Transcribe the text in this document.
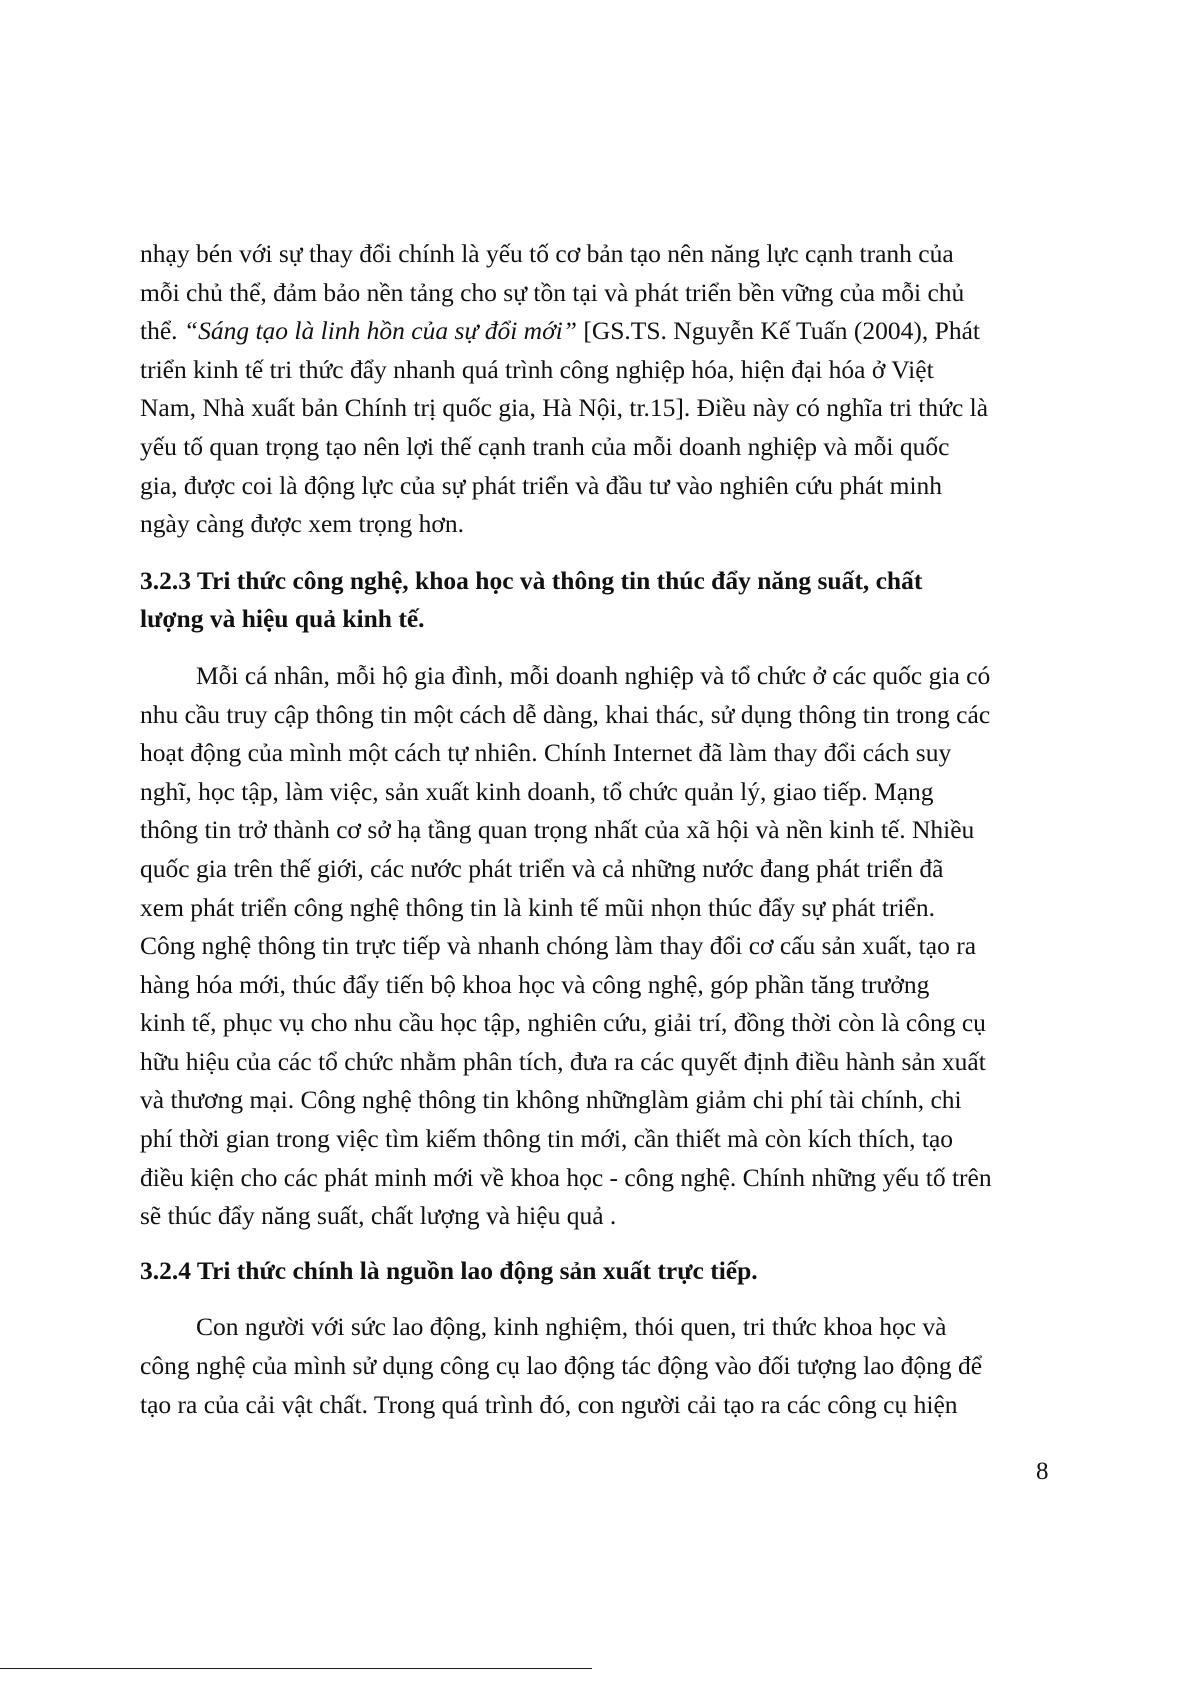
nhạy bén với sự thay đổi chính là yếu tố cơ bản tạo nên năng lực cạnh tranh của
mỗi chủ thể, đảm bảo nền tảng cho sự tồn tại và phát triển bền vững của mỗi chủ
thể. “Sáng tạo là linh hồn của sự đổi mới” [GS.TS. Nguyễn Kế Tuấn (2004), Phát
triển kinh tế tri thức đẩy nhanh quá trình công nghiệp hóa, hiện đại hóa ở Việt
Nam, Nhà xuất bản Chính trị quốc gia, Hà Nội, tr.15]. Điều này có nghĩa tri thức là
yếu tố quan trọng tạo nên lợi thế cạnh tranh của mỗi doanh nghiệp và mỗi quốc
gia, được coi là động lực của sự phát triển và đầu tư vào nghiên cứu phát minh
ngày càng được xem trọng hơn.

3.2.3 Tri thức công nghệ, khoa học và thông tin thúc đẩy năng suất, chất
lượng và hiệu quả kinh tế.

Mỗi cá nhân, mỗi hộ gia đình, mỗi doanh nghiệp và tổ chức ở các quốc gia có
nhu cầu truy cập thông tin một cách dễ dàng, khai thác, sử dụng thông tin trong các
hoạt động của mình một cách tự nhiên. Chính Internet đã làm thay đổi cách suy
nghĩ, học tập, làm việc, sản xuất kinh doanh, tổ chức quản lý, giao tiếp. Mạng
thông tin trở thành cơ sở hạ tầng quan trọng nhất của xã hội và nền kinh tế. Nhiều
quốc gia trên thế giới, các nước phát triển và cả những nước đang phát triển đã
xem phát triển công nghệ thông tin là kinh tế mũi nhọn thúc đẩy sự phát triển.
Công nghệ thông tin trực tiếp và nhanh chóng làm thay đổi cơ cấu sản xuất, tạo ra
hàng hóa mới, thúc đẩy tiến bộ khoa học và công nghệ, góp phần tăng trưởng
kinh tế, phục vụ cho nhu cầu học tập, nghiên cứu, giải trí, đồng thời còn là công cụ
hữu hiệu của các tổ chức nhằm phân tích, đưa ra các quyết định điều hành sản xuất
và thương mại. Công nghệ thông tin không nhữnglàm giảm chi phí tài chính, chi
phí thời gian trong việc tìm kiếm thông tin mới, cần thiết mà còn kích thích, tạo
điều kiện cho các phát minh mới về khoa học - công nghệ. Chính những yếu tố trên
sẽ thúc đẩy năng suất, chất lượng và hiệu quả .

3.2.4 Tri thức chính là nguồn lao động sản xuất trực tiếp.

Con người với sức lao động, kinh nghiệm, thói quen, tri thức khoa học và
công nghệ của mình sử dụng công cụ lao động tác động vào đối tượng lao động để
tạo ra của cải vật chất. Trong quá trình đó, con người cải tạo ra các công cụ hiện

8
